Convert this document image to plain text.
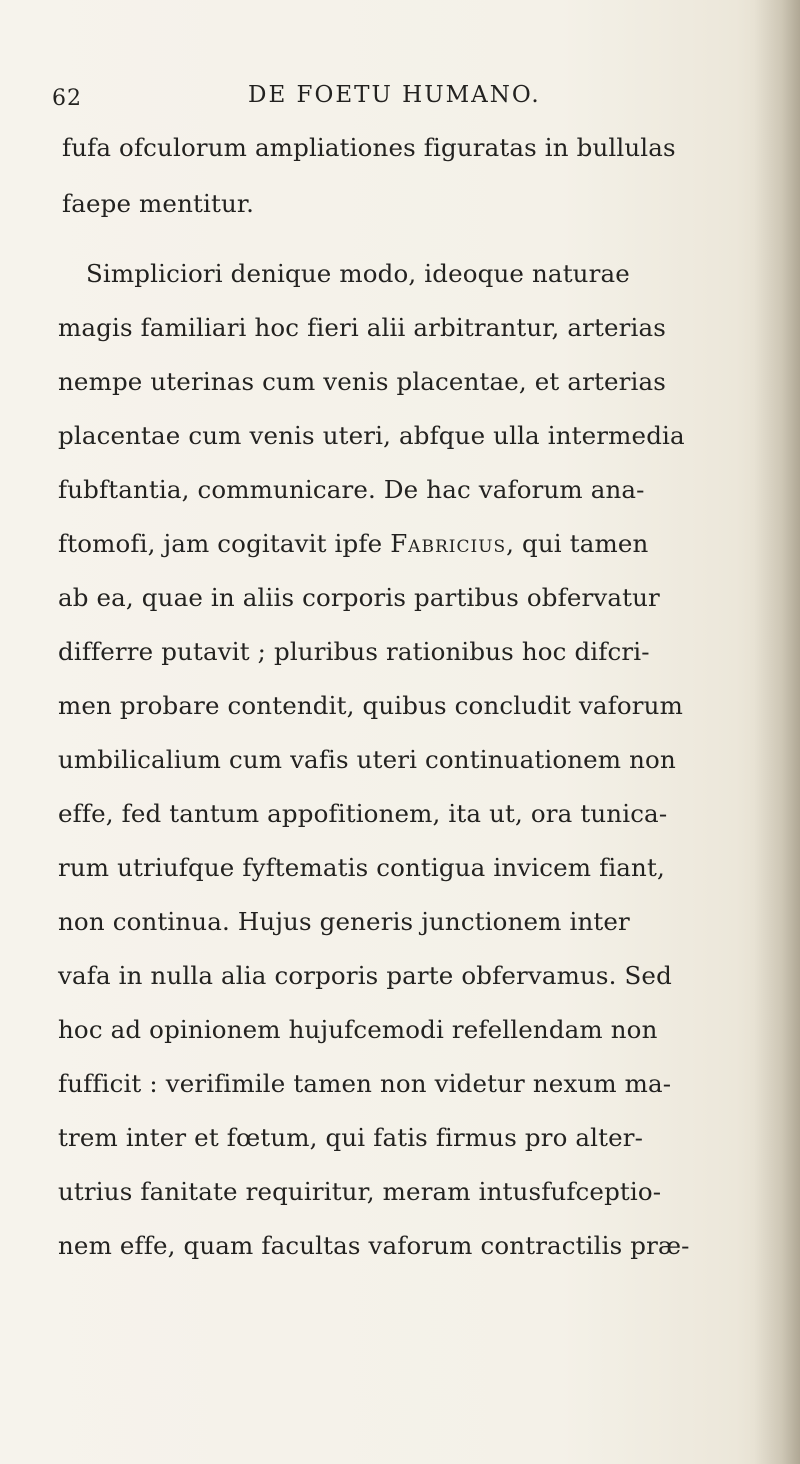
62	DE FOETU HUMANO.
fufa ofculorum ampliationes figuratas in bullulas
faepe mentitur.
Simpliciori denique modo, ideoque naturae
magis familiari hoc fieri alii arbitrantur, arterias
nempe uterinas cum venis placentae, et arterias
placentae cum venis uteri, abfque ulla intermedia
fubftantia, communicare. De hac vaforum ana-
ftomofi, jam cogitavit ipfe Fabricius, qui tamen
ab ea, quae in aliis corporis partibus obfervatur
differre putavit ; pluribus rationibus hoc difcri-
men probare contendit, quibus concludit vaforum
umbilicalium cum vafis uteri continuationem non
effe, fed tantum appofitionem, ita ut, ora tunica-
rum utriufque fyftematis contigua invicem fiant,
non continua. Hujus generis junctionem inter
vafa in nulla alia corporis parte obfervamus. Sed
hoc ad opinionem hujufcemodi refellendam non
fufficit : verifimile tamen non videtur nexum ma-
trem inter et fœtum, qui fatis firmus pro alter-
utrius fanitate requiritur, meram intusfufceptio-
nem effe, quam facultas vaforum contractilis præ-
